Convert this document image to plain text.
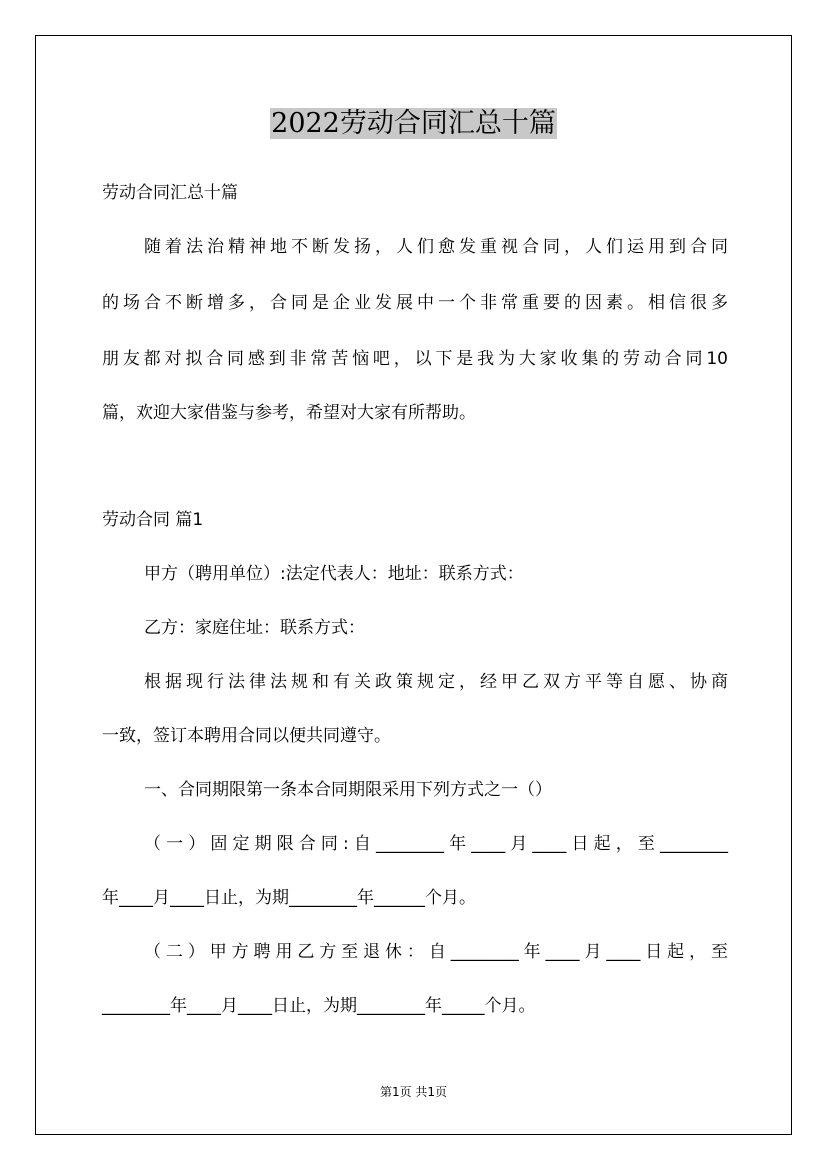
2022劳动合同汇总十篇
劳动合同汇总十篇
随着法治精神地不断发扬，人们愈发重视合同，人们运用到合同
的场合不断增多，合同是企业发展中一个非常重要的因素。相信很多
朋友都对拟合同感到非常苦恼吧，以下是我为大家收集的劳动合同10
篇，欢迎大家借鉴与参考，希望对大家有所帮助。
劳动合同 篇1
甲方（聘用单位）:法定代表人：地址：联系方式：
乙方：家庭住址：联系方式：
根据现行法律法规和有关政策规定，经甲乙双方平等自愿、协商
一致，签订本聘用合同以便共同遵守。
一、合同期限第一条本合同期限采用下列方式之一（）
（一）固定期限合同:自________年____月____日起，至________
年____月____日止，为期________年______个月。
（二）甲方聘用乙方至退休：自________年____月____日起，至
________年____月____日止，为期________年_____个月。
第1页 共1页
